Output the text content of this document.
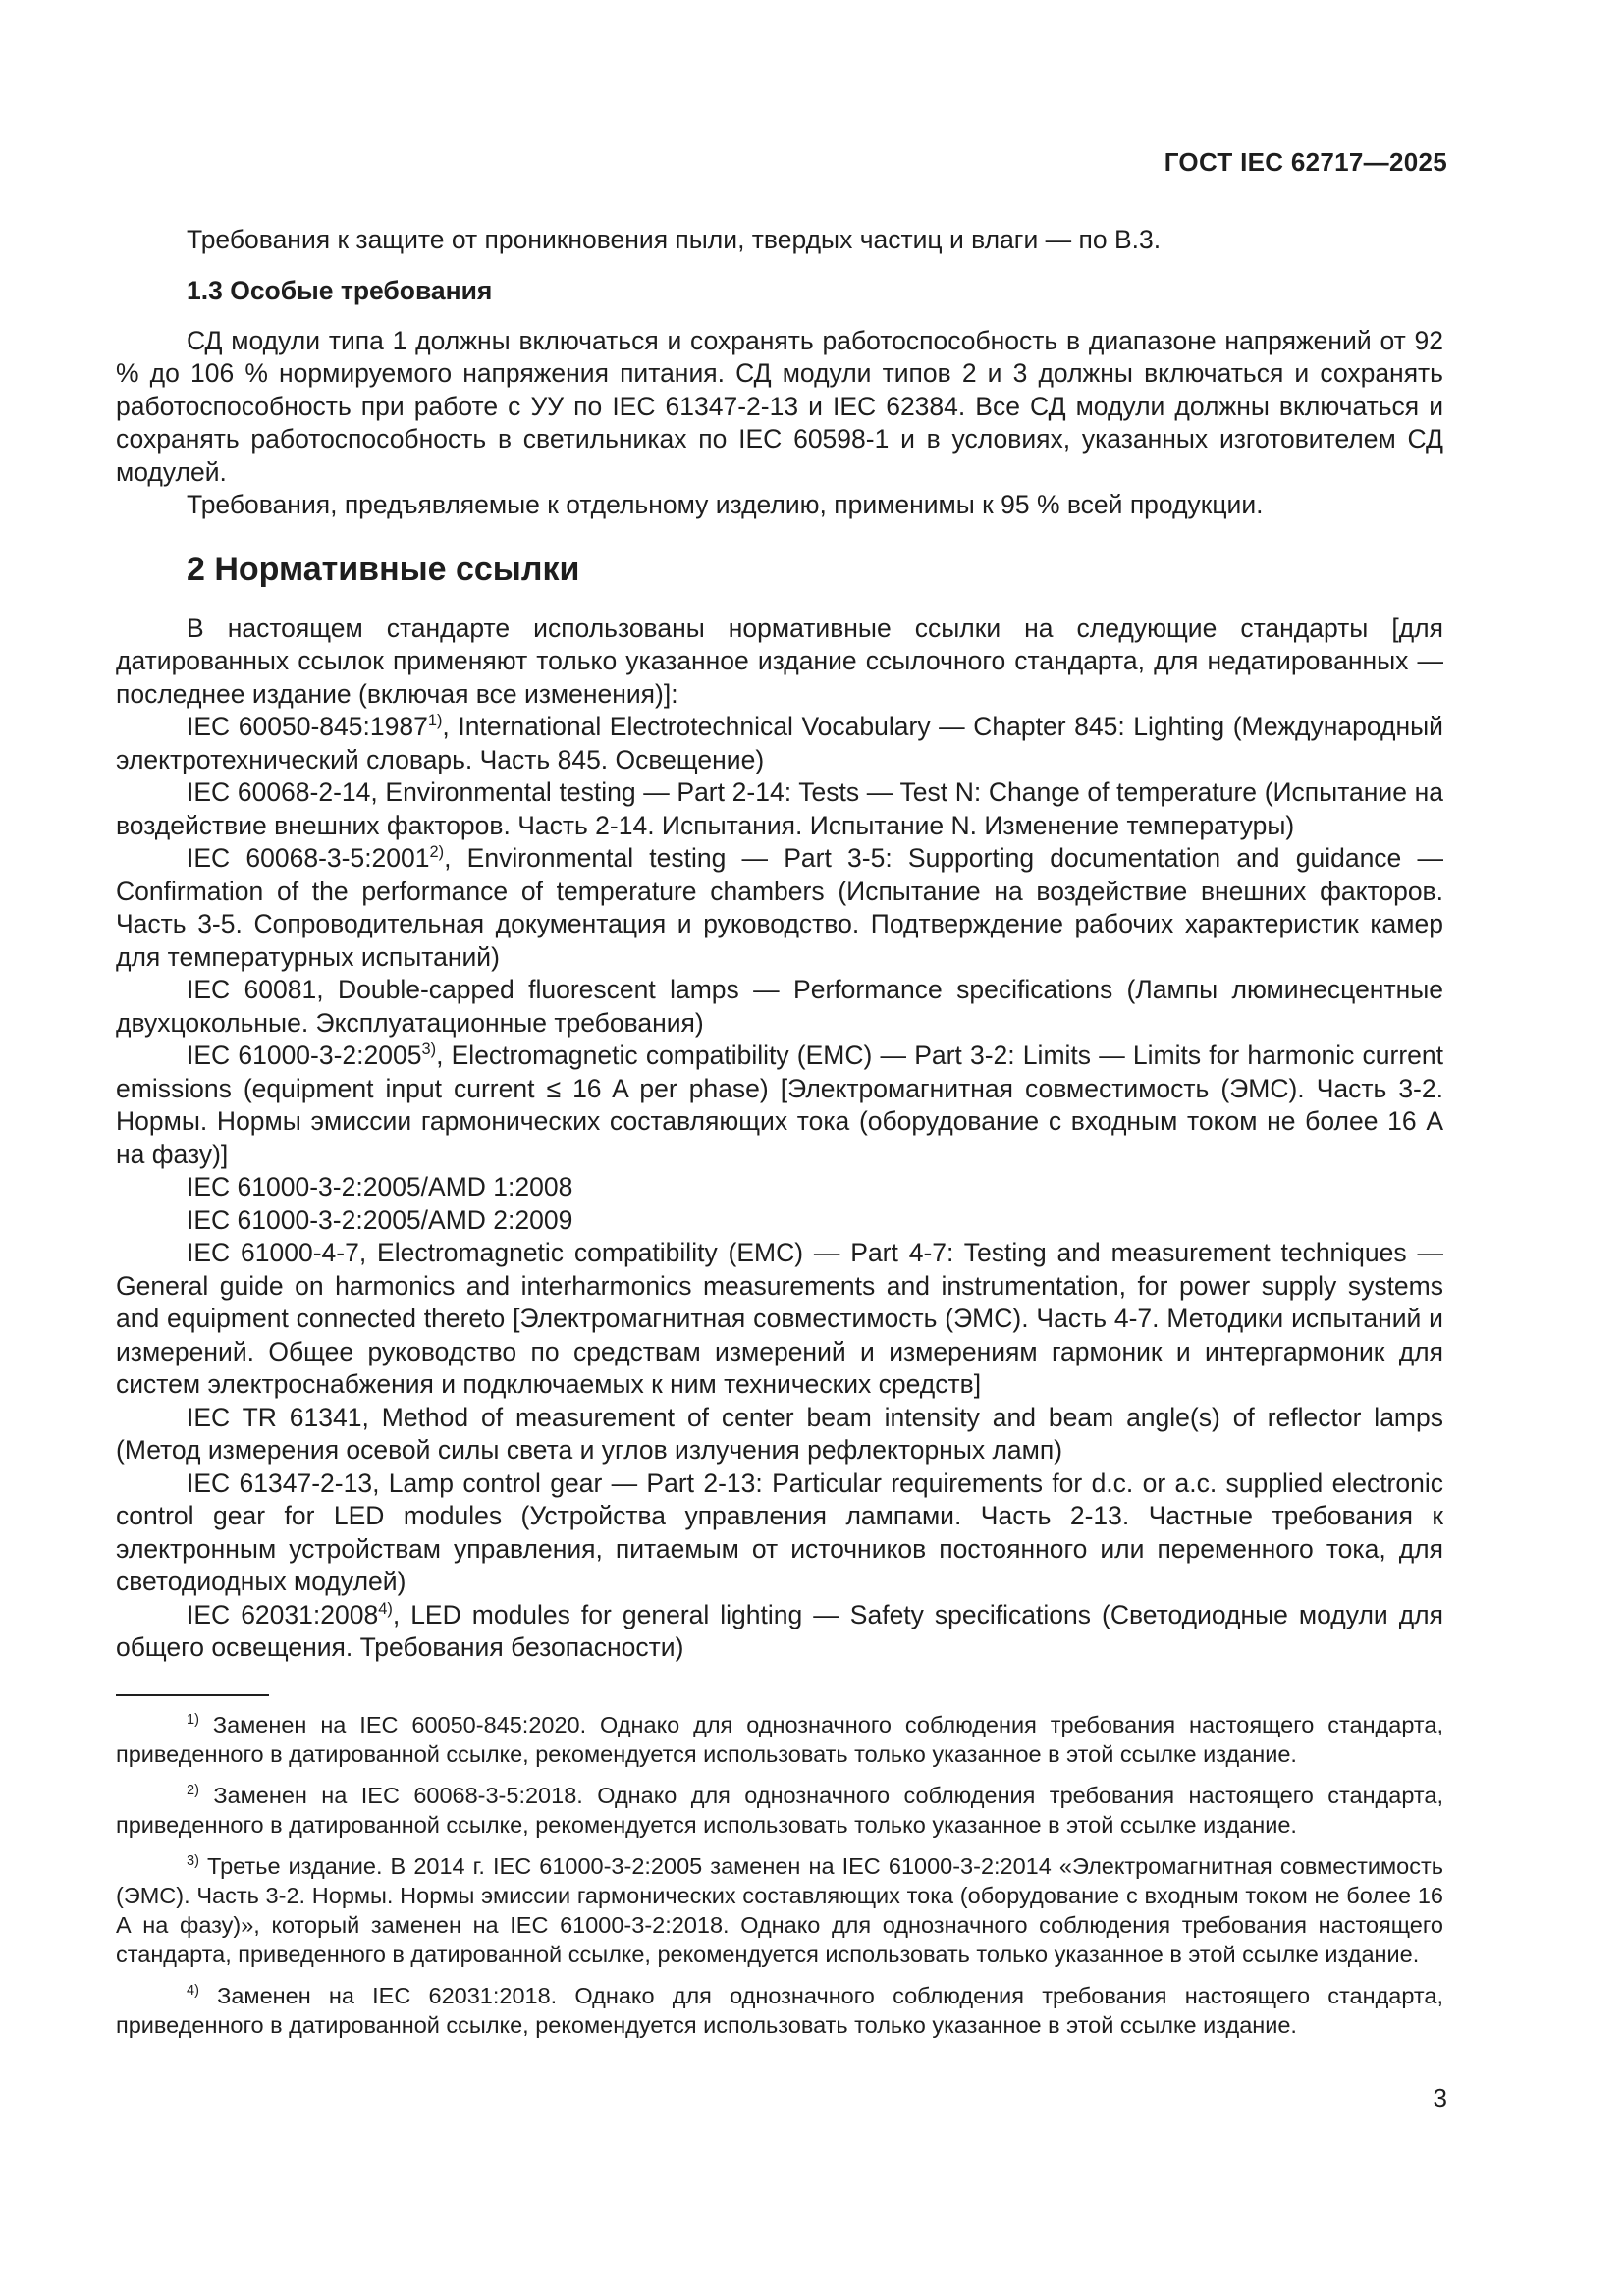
ГОСТ IEC 62717—2025

Требования к защите от проникновения пыли, твердых частиц и влаги — по В.3.

1.3 Особые требования

СД модули типа 1 должны включаться и сохранять работоспособность в диапазоне напряжений от 92 % до 106 % нормируемого напряжения питания. СД модули типов 2 и 3 должны включаться и сохранять работоспособность при работе с УУ по IEC 61347-2-13 и IEC 62384. Все СД модули должны включаться и сохранять работоспособность в светильниках по IEC 60598-1 и в условиях, указанных изготовителем СД модулей.

Требования, предъявляемые к отдельному изделию, применимы к 95 % всей продукции.

2 Нормативные ссылки

В настоящем стандарте использованы нормативные ссылки на следующие стандарты [для датированных ссылок применяют только указанное издание ссылочного стандарта, для недатированных — последнее издание (включая все изменения)]:

IEC 60050-845:1987$^{1)}$, International Electrotechnical Vocabulary — Chapter 845: Lighting (Международный электротехнический словарь. Часть 845. Освещение)

IEC 60068-2-14, Environmental testing — Part 2-14: Tests — Test N: Change of temperature (Испытание на воздействие внешних факторов. Часть 2-14. Испытания. Испытание N. Изменение температуры)

IEC 60068-3-5:2001$^{2)}$, Environmental testing — Part 3-5: Supporting documentation and guidance — Confirmation of the performance of temperature chambers (Испытание на воздействие внешних факторов. Часть 3-5. Сопроводительная документация и руководство. Подтверждение рабочих характеристик камер для температурных испытаний)

IEC 60081, Double-capped fluorescent lamps — Performance specifications (Лампы люминесцентные двухцокольные. Эксплуатационные требования)

IEC 61000-3-2:2005$^{3)}$, Electromagnetic compatibility (EMC) — Part 3-2: Limits — Limits for harmonic current emissions (equipment input current ≤ 16 A per phase) [Электромагнитная совместимость (ЭМС). Часть 3-2. Нормы. Нормы эмиссии гармонических составляющих тока (оборудование с входным током не более 16 А на фазу)]

IEC 61000-3-2:2005/AMD 1:2008

IEC 61000-3-2:2005/AMD 2:2009

IEC 61000-4-7, Electromagnetic compatibility (EMC) — Part 4-7: Testing and measurement techniques — General guide on harmonics and interharmonics measurements and instrumentation, for power supply systems and equipment connected thereto [Электромагнитная совместимость (ЭМС). Часть 4-7. Методики испытаний и измерений. Общее руководство по средствам измерений и измерениям гармоник и интергармоник для систем электроснабжения и подключаемых к ним технических средств]

IEC TR 61341, Method of measurement of center beam intensity and beam angle(s) of reflector lamps (Метод измерения осевой силы света и углов излучения рефлекторных ламп)

IEC 61347-2-13, Lamp control gear — Part 2-13: Particular requirements for d.c. or a.c. supplied electronic control gear for LED modules (Устройства управления лампами. Часть 2-13. Частные требования к электронным устройствам управления, питаемым от источников постоянного или переменного тока, для светодиодных модулей)

IEC 62031:2008$^{4)}$, LED modules for general lighting — Safety specifications (Светодиодные модули для общего освещения. Требования безопасности)

$^{1)}$ Заменен на IEC 60050-845:2020. Однако для однозначного соблюдения требования настоящего стандарта, приведенного в датированной ссылке, рекомендуется использовать только указанное в этой ссылке издание.

$^{2)}$ Заменен на IEC 60068-3-5:2018. Однако для однозначного соблюдения требования настоящего стандарта, приведенного в датированной ссылке, рекомендуется использовать только указанное в этой ссылке издание.

$^{3)}$ Третье издание. В 2014 г. IEC 61000-3-2:2005 заменен на IEC 61000-3-2:2014 «Электромагнитная совместимость (ЭМС). Часть 3-2. Нормы. Нормы эмиссии гармонических составляющих тока (оборудование с входным током не более 16 А на фазу)», который заменен на IEC 61000-3-2:2018. Однако для однозначного соблюдения требования настоящего стандарта, приведенного в датированной ссылке, рекомендуется использовать только указанное в этой ссылке издание.

$^{4)}$ Заменен на IEC 62031:2018. Однако для однозначного соблюдения требования настоящего стандарта, приведенного в датированной ссылке, рекомендуется использовать только указанное в этой ссылке издание.

3
